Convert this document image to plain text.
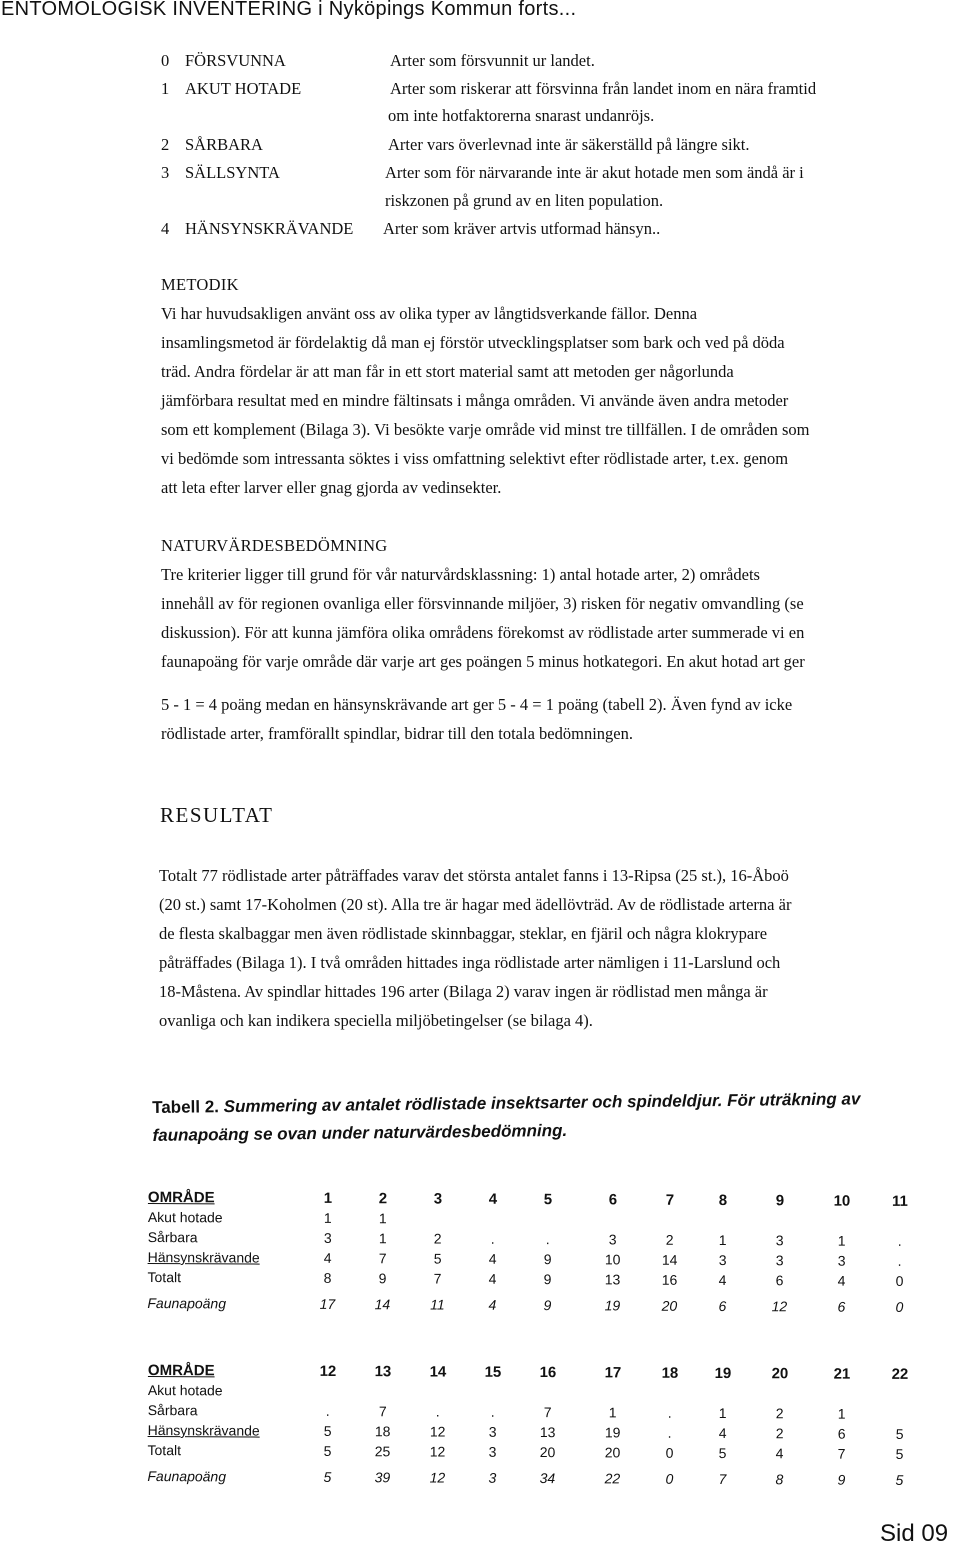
ENTOMOLOGISK INVENTERING i Nyköpings Kommun forts...
0 FÖRSVUNNA	Arter som försvunnit ur landet.
1 AKUT HOTADE	Arter som riskerar att försvinna från landet inom en nära framtid
om inte hotfaktorerna snarast undanröjs.
2 SÅRBARA	Arter vars överlevnad inte är säkerställd på längre sikt.
3 SÄLLSYNTA	Arter som för närvarande inte är akut hotade men som ändå är i
riskzonen på grund av en liten population.
4 HÄNSYNSKRÄVANDE Arter som kräver artvis utformad hänsyn..
METODIK
Vi har huvudsakligen använt oss av olika typer av långtidsverkande fällor. Denna
insamlingsmetod är fördelaktig då man ej förstör utvecklingsplatser som bark och ved på döda
träd. Andra fördelar är att man får in ett stort material samt att metoden ger någorlunda
jämförbara resultat med en mindre fältinsats i många områden. Vi använde även andra metoder
som ett komplement (Bilaga 3). Vi besökte varje område vid minst tre tillfällen. I de områden som
vi bedömde som intressanta söktes i viss omfattning selektivt efter rödlistade arter, t.ex. genom
att leta efter larver eller gnag gjorda av vedinsekter.
NATURVÄRDESBEDÖMNING
Tre kriterier ligger till grund för vår naturvårdsklassning: 1) antal hotade arter, 2) områdets
innehåll av för regionen ovanliga eller försvinnande miljöer, 3) risken för negativ omvandling (se
diskussion). För att kunna jämföra olika områdens förekomst av rödlistade arter summerade vi en
faunapoäng för varje område där varje art ges poängen 5 minus hotkategori. En akut hotad art ger
5 - 1 = 4 poäng medan en hänsynskrävande art ger 5 - 4 = 1 poäng (tabell 2). Även fynd av icke
rödlistade arter, framförallt spindlar, bidrar till den totala bedömningen.
RESULTAT
Totalt 77 rödlistade arter påträffades varav det största antalet fanns i 13-Ripsa (25 st.), 16-Åboö
(20 st.) samt 17-Koholmen (20 st). Alla tre är hagar med ädellövträd. Av de rödlistade arterna är
de flesta skalbaggar men även rödlistade skinnbaggar, steklar, en fjäril och några klokrypare
påträffades (Bilaga 1). I två områden hittades inga rödlistade arter nämligen i 11-Larslund och
18-Måstena. Av spindlar hittades 196 arter (Bilaga 2) varav ingen är rödlistad men många är
ovanliga och kan indikera speciella miljöbetingelser (se bilaga 4).
Tabell 2. Summering av antalet rödlistade insektsarter och spindeldjur. För uträkning av
faunapoäng se ovan under naturvärdesbedömning.
OMRÅDE	1	2	3	4	5	6	7	8	9	10	11
Akut hotade	1	1
Sårbara	3	1	2	.	.	3	2	1	3	1	.
Hänsynskrävande	4	7	5	4	9	10	14	3	3	3	.
Totalt	8	9	7	4	9	13	16	4	6	4	0
Faunapoäng	17	14	11	4	9	19	20	6	12	6	0
OMRÅDE	12	13	14	15	16	17	18	19	20	21	22
Akut hotade
Sårbara	.	7	.	.	7	1	.	1	2	1
Hänsynskrävande	5	18	12	3	13	19	.	4	2	6	5
Totalt	5	25	12	3	20	20	0	5	4	7	5
Faunapoäng	5	39	12	3	34	22	0	7	8	9	5
Sid 09
